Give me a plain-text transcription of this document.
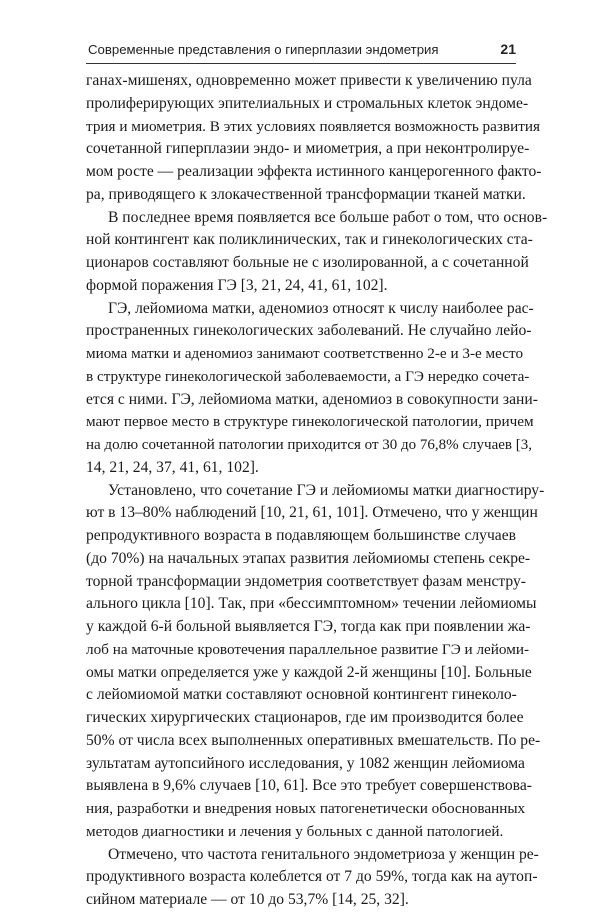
Современные представления о гиперплазии эндометрия	21
ганах-мишенях, одновременно может привести к увеличению пула
пролиферирующих эпителиальных и стромальных клеток эндоме-
трия и миометрия. В этих условиях появляется возможность развития
сочетанной гиперплазии эндо- и миометрия, а при неконтролируе-
мом росте — реализации эффекта истинного канцерогенного факто-
ра, приводящего к злокачественной трансформации тканей матки.
В последнее время появляется все больше работ о том, что основ-
ной контингент как поликлинических, так и гинекологических ста-
ционаров составляют больные не с изолированной, а с сочетанной
формой поражения ГЭ [3, 21, 24, 41, 61, 102].
ГЭ, лейомиома матки, аденомиоз относят к числу наиболее рас-
пространенных гинекологических заболеваний. Не случайно лейо-
миома матки и аденомиоз занимают соответственно 2-е и 3-е место
в структуре гинекологической заболеваемости, а ГЭ нередко сочета-
ется с ними. ГЭ, лейомиома матки, аденомиоз в совокупности зани-
мают первое место в структуре гинекологической патологии, причем
на долю сочетанной патологии приходится от 30 до 76,8% случаев [3,
14, 21, 24, 37, 41, 61, 102].
Установлено, что сочетание ГЭ и лейомиомы матки диагностиру-
ют в 13–80% наблюдений [10, 21, 61, 101]. Отмечено, что у женщин
репродуктивного возраста в подавляющем большинстве случаев
(до 70%) на начальных этапах развития лейомиомы степень секре-
торной трансформации эндометрия соответствует фазам менстру-
ального цикла [10]. Так, при «бессимптомном» течении лейомиомы
у каждой 6-й больной выявляется ГЭ, тогда как при появлении жа-
лоб на маточные кровотечения параллельное развитие ГЭ и лейоми-
омы матки определяется уже у каждой 2-й женщины [10]. Больные
с лейомиомой матки составляют основной контингент гинеколо-
гических хирургических стационаров, где им производится более
50% от числа всех выполненных оперативных вмешательств. По ре-
зультатам аутопсийного исследования, у 1082 женщин лейомиома
выявлена в 9,6% случаев [10, 61]. Все это требует совершенствова-
ния, разработки и внедрения новых патогенетически обоснованных
методов диагностики и лечения у больных с данной патологией.
Отмечено, что частота генитального эндометриоза у женщин ре-
продуктивного возраста колеблется от 7 до 59%, тогда как на аутоп-
сийном материале — от 10 до 53,7% [14, 25, 32].
